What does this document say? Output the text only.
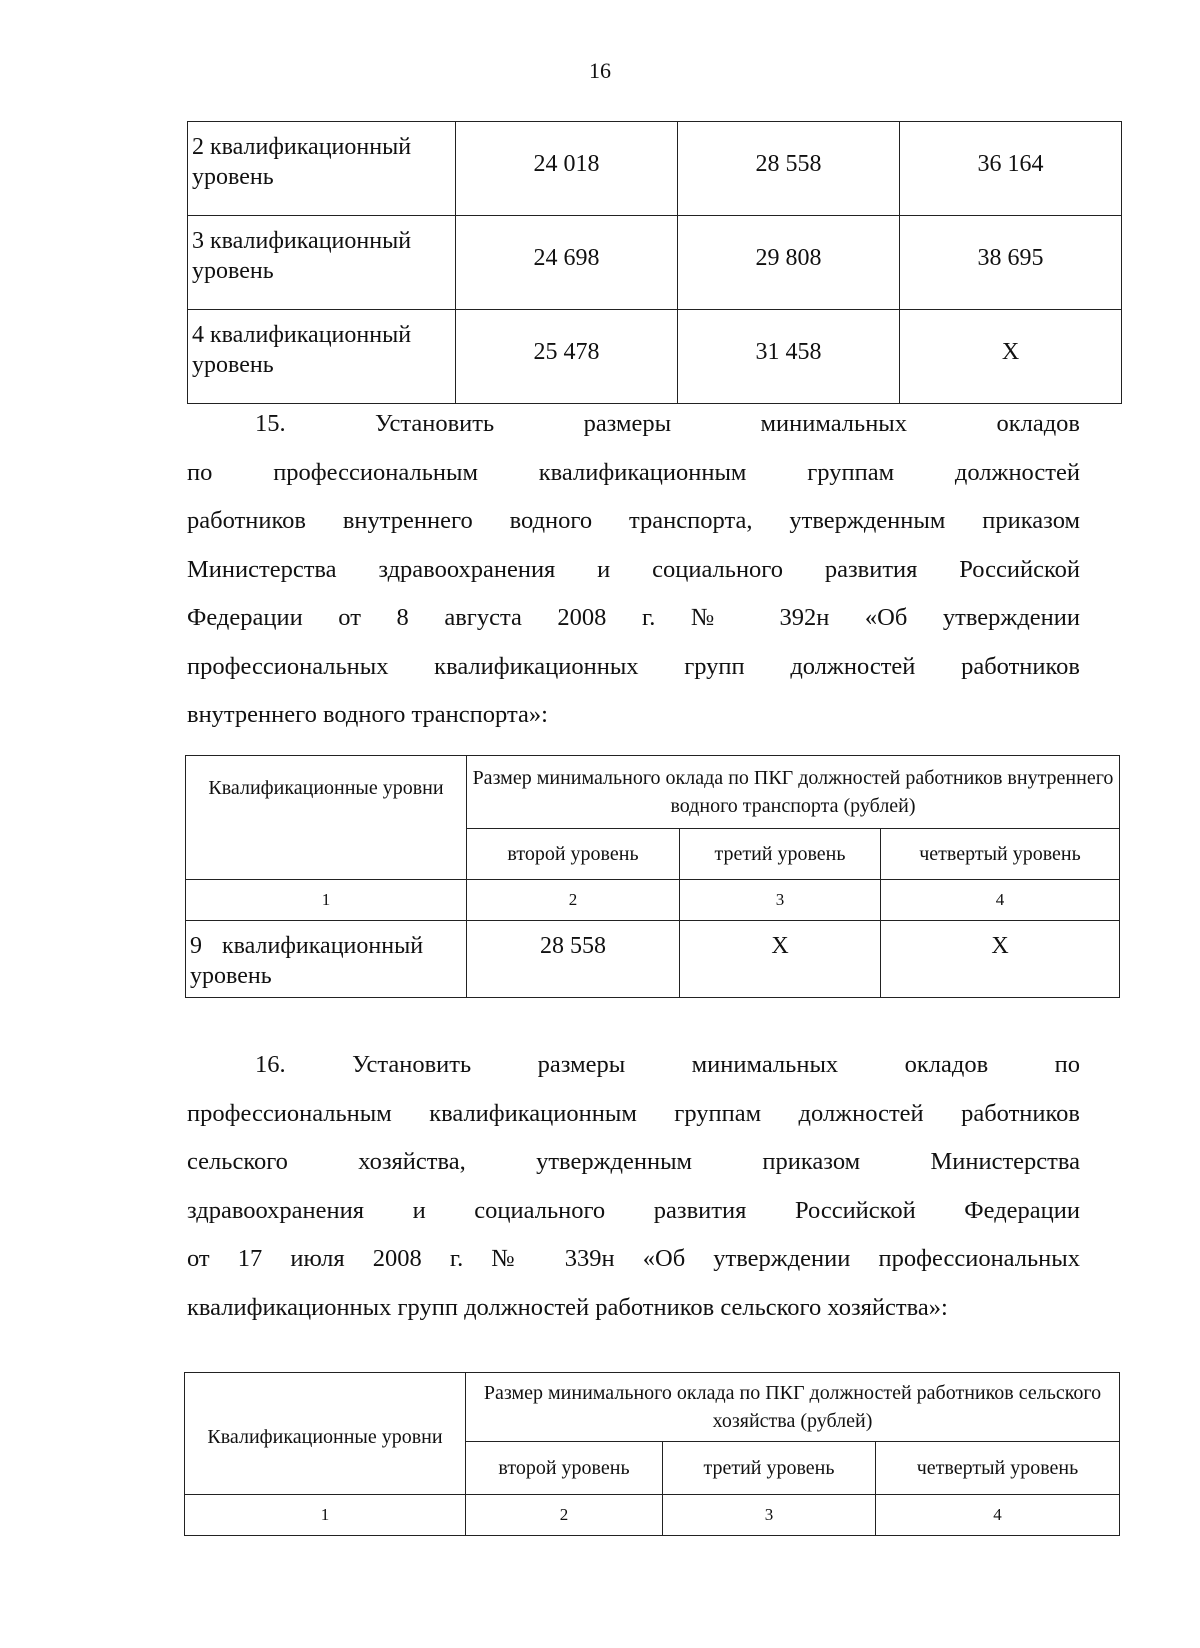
16
2 квалификационный уровень	24 018	28 558	36 164
3 квалификационный уровень	24 698	29 808	38 695
4 квалификационный уровень	25 478	31 458	X
15. Установить размеры минимальных окладов
по профессиональным квалификационным группам должностей
работников внутреннего водного транспорта, утвержденным приказом
Министерства здравоохранения и социального развития Российской
Федерации от 8 августа 2008 г. № 392н «Об утверждении
профессиональных квалификационных групп должностей работников
внутреннего водного транспорта»:
Квалификационные уровни	Размер минимального оклада по ПКГ должностей работников внутреннего водного транспорта (рублей)		
	второй уровень	третий уровень	четвертый уровень
1	2	3	4
9 квалификационный уровень	28 558	X	X
16. Установить размеры минимальных окладов по
профессиональным квалификационным группам должностей работников
сельского хозяйства, утвержденным приказом Министерства
здравоохранения и социального развития Российской Федерации
от 17 июля 2008 г. № 339н «Об утверждении профессиональных
квалификационных групп должностей работников сельского хозяйства»:
Квалификационные уровни	Размер минимального оклада по ПКГ должностей работников сельского хозяйства (рублей)		
	второй уровень	третий уровень	четвертый уровень
1	2	3	4
